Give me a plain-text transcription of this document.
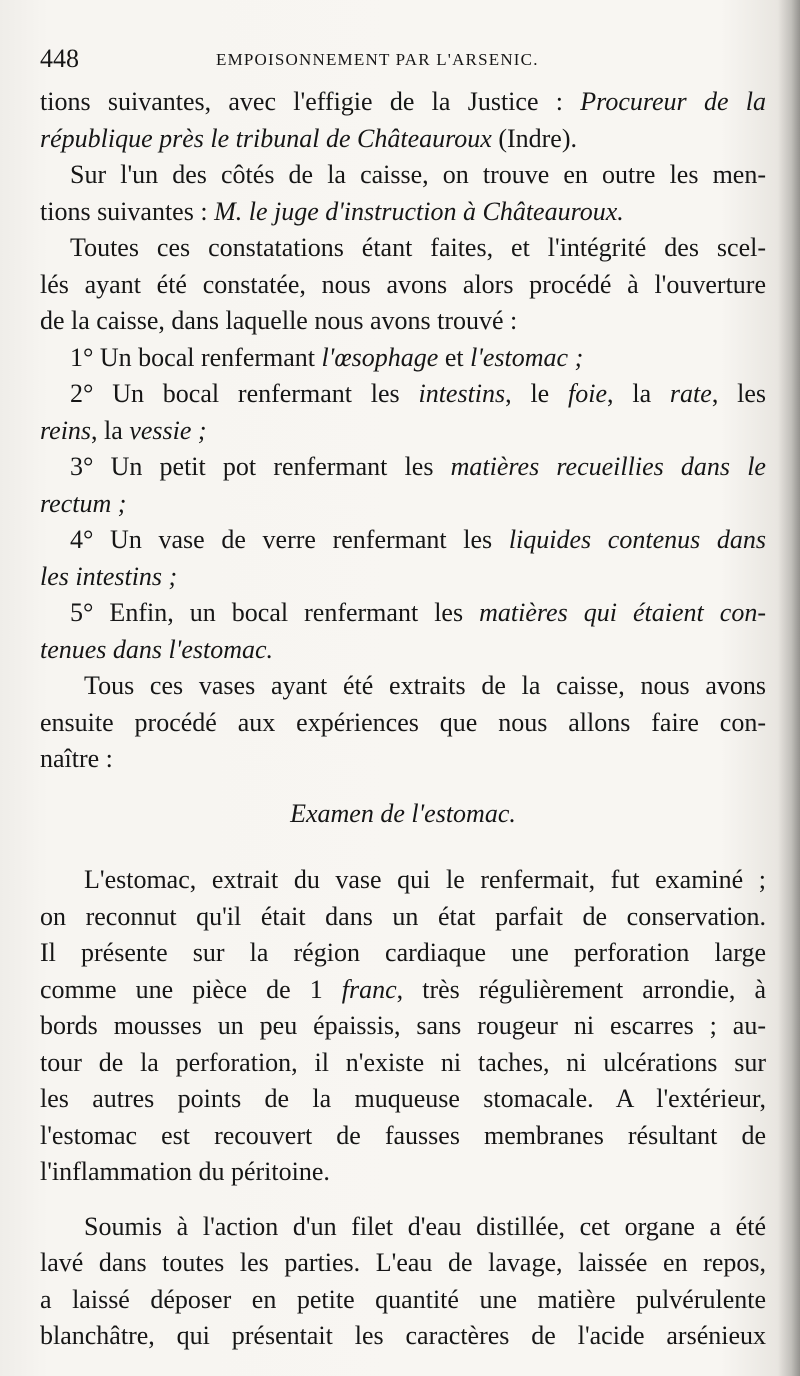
448	EMPOISONNEMENT PAR L'ARSENIC.
tions suivantes, avec l'effigie de la Justice : Procureur de la
république près le tribunal de Châteauroux (Indre).
Sur l'un des côtés de la caisse, on trouve en outre les men-
tions suivantes : M. le juge d'instruction à Châteauroux.
Toutes ces constatations étant faites, et l'intégrité des scel-
lés ayant été constatée, nous avons alors procédé à l'ouverture
de la caisse, dans laquelle nous avons trouvé :
1° Un bocal renfermant l'œsophage et l'estomac ;
2° Un bocal renfermant les intestins, le foie, la rate, les
reins, la vessie ;
3° Un petit pot renfermant les matières recueillies dans le
rectum ;
4° Un vase de verre renfermant les liquides contenus dans
les intestins ;
5° Enfin, un bocal renfermant les matières qui étaient con-
tenues dans l'estomac.
Tous ces vases ayant été extraits de la caisse, nous avons
ensuite procédé aux expériences que nous allons faire con-
naître :
Examen de l'estomac.
L'estomac, extrait du vase qui le renfermait, fut examiné ;
on reconnut qu'il était dans un état parfait de conservation.
Il présente sur la région cardiaque une perforation large
comme une pièce de 1 franc, très régulièrement arrondie, à
bords mousses un peu épaissis, sans rougeur ni escarres ; au-
tour de la perforation, il n'existe ni taches, ni ulcérations sur
les autres points de la muqueuse stomacale. A l'extérieur,
l'estomac est recouvert de fausses membranes résultant de
l'inflammation du péritoine.
Soumis à l'action d'un filet d'eau distillée, cet organe a été
lavé dans toutes les parties. L'eau de lavage, laissée en repos,
a laissé déposer en petite quantité une matière pulvérulente
blanchâtre, qui présentait les caractères de l'acide arsénieux
